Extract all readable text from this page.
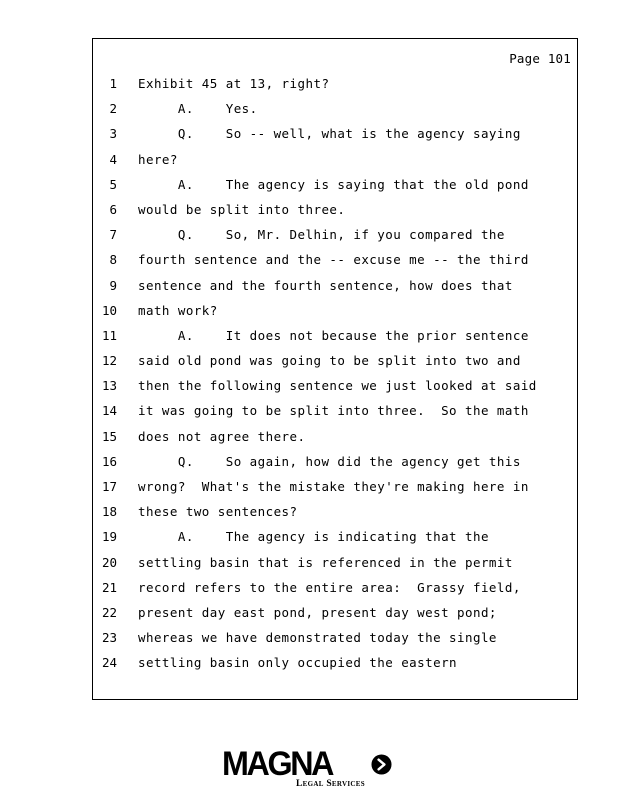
Page 101
1 Exhibit 45 at 13, right?
2 A.    Yes.
3 Q.    So -- well, what is the agency saying
4 here?
5 A.    The agency is saying that the old pond
6 would be split into three.
7 Q.    So, Mr. Delhin, if you compared the
8 fourth sentence and the -- excuse me -- the third
9 sentence and the fourth sentence, how does that
10 math work?
11 A.    It does not because the prior sentence
12 said old pond was going to be split into two and
13 then the following sentence we just looked at said
14 it was going to be split into three.  So the math
15 does not agree there.
16 Q.    So again, how did the agency get this
17 wrong?  What's the mistake they're making here in
18 these two sentences?
19 A.    The agency is indicating that the
20 settling basin that is referenced in the permit
21 record refers to the entire area:  Grassy field,
22 present day east pond, present day west pond;
23 whereas we have demonstrated today the single
24 settling basin only occupied the eastern
MAGNA
Legal Services
